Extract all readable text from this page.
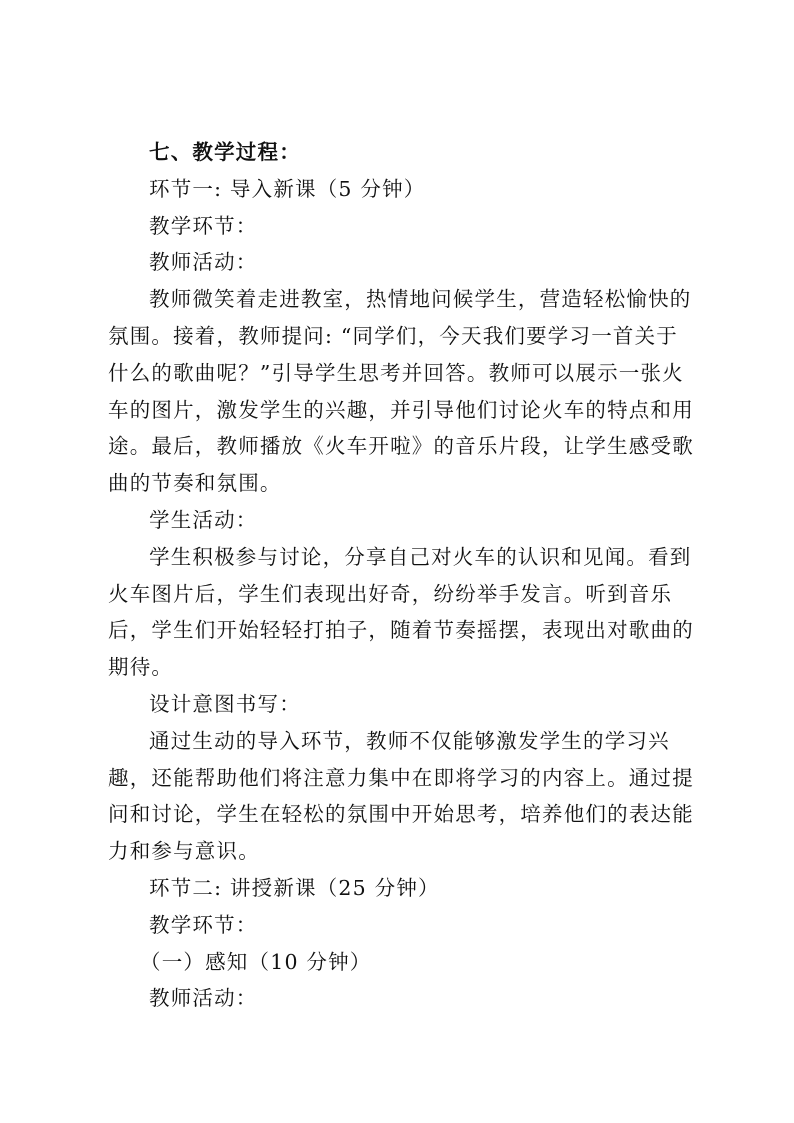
七、教学过程：

环节一: 导入新课（5 分钟）

教学环节：

教师活动：

教师微笑着走进教室，热情地问候学生，营造轻松愉快的氛围。接着，教师提问: “同学们，今天我们要学习一首关于什么的歌曲呢？”引导学生思考并回答。教师可以展示一张火车的图片，激发学生的兴趣，并引导他们讨论火车的特点和用途。最后，教师播放《火车开啦》的音乐片段，让学生感受歌曲的节奏和氛围。

学生活动：

学生积极参与讨论，分享自己对火车的认识和见闻。看到火车图片后，学生们表现出好奇，纷纷举手发言。听到音乐后，学生们开始轻轻打拍子，随着节奏摇摆，表现出对歌曲的期待。

设计意图书写：

通过生动的导入环节，教师不仅能够激发学生的学习兴趣，还能帮助他们将注意力集中在即将学习的内容上。通过提问和讨论，学生在轻松的氛围中开始思考，培养他们的表达能力和参与意识。

环节二: 讲授新课（25 分钟）

教学环节：

（一）感知（10 分钟）

教师活动：
